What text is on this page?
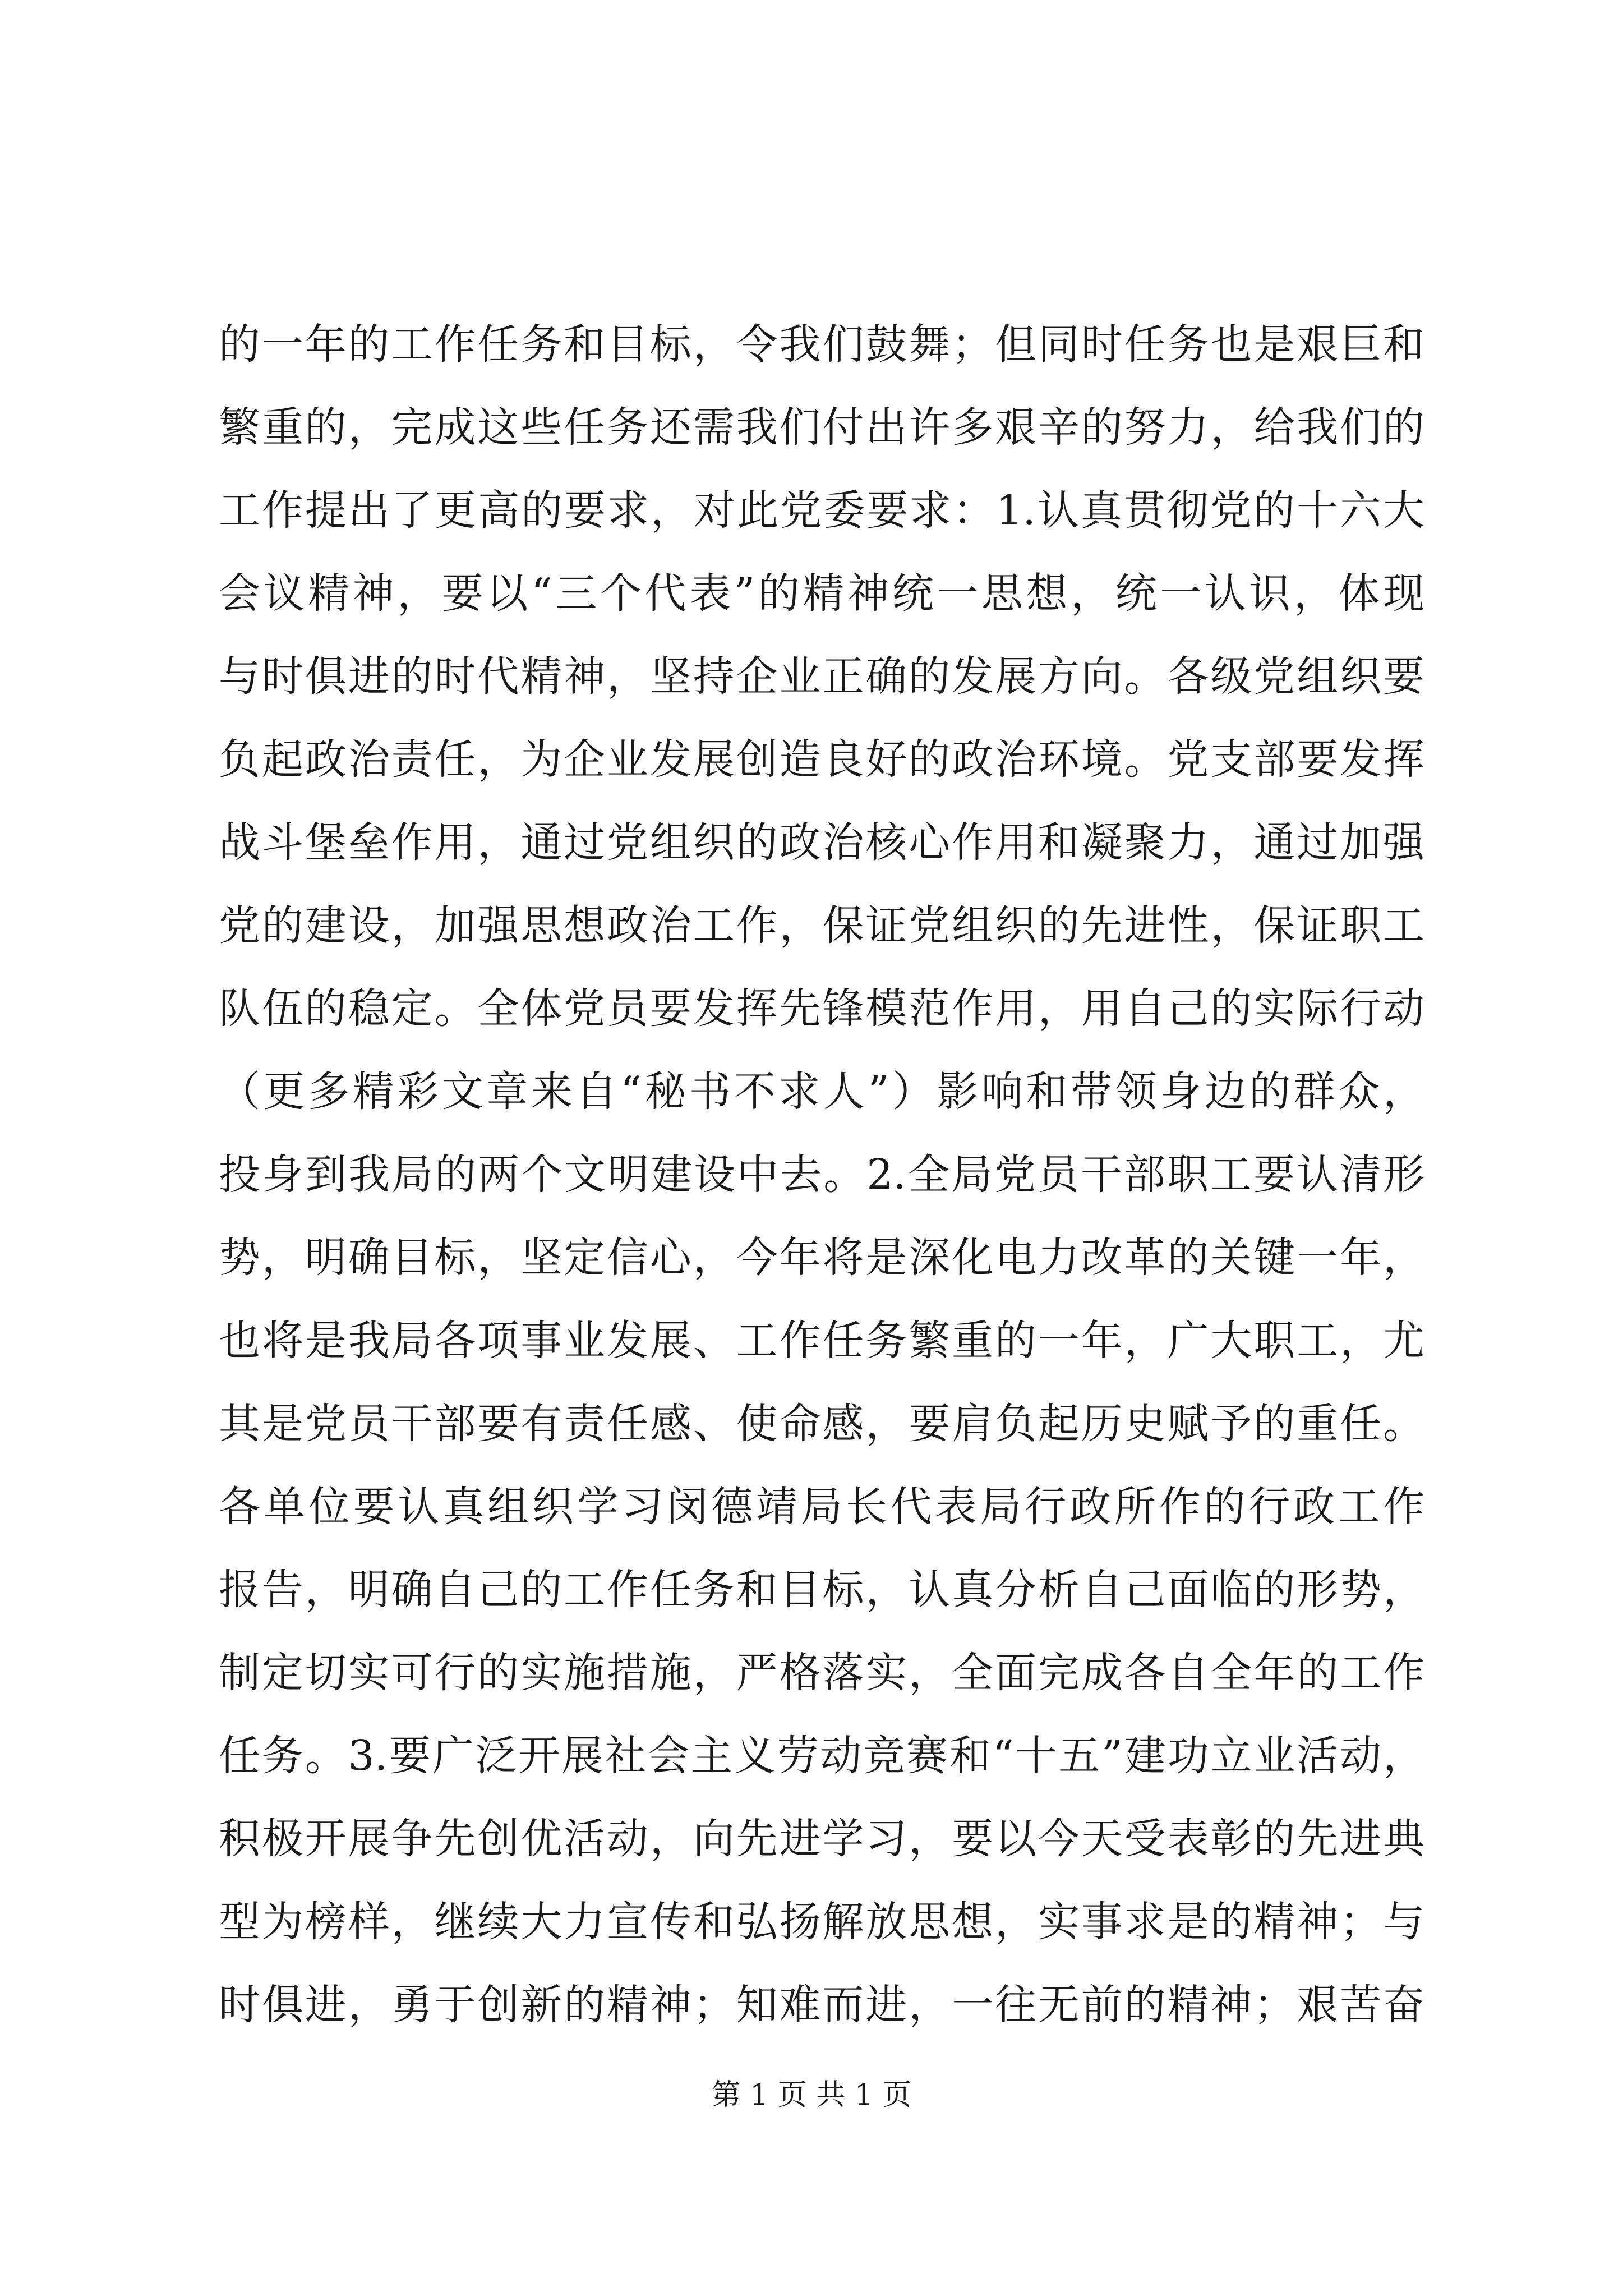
的一年的工作任务和目标，令我们鼓舞；但同时任务也是艰巨和
繁重的，完成这些任务还需我们付出许多艰辛的努力，给我们的
工作提出了更高的要求，对此党委要求：1.认真贯彻党的十六大
会议精神，要以“三个代表”的精神统一思想，统一认识，体现
与时俱进的时代精神，坚持企业正确的发展方向。各级党组织要
负起政治责任，为企业发展创造良好的政治环境。党支部要发挥
战斗堡垒作用，通过党组织的政治核心作用和凝聚力，通过加强
党的建设，加强思想政治工作，保证党组织的先进性，保证职工
队伍的稳定。全体党员要发挥先锋模范作用，用自己的实际行动
（更多精彩文章来自“秘书不求人”）影响和带领身边的群众，
投身到我局的两个文明建设中去。2.全局党员干部职工要认清形
势，明确目标，坚定信心，今年将是深化电力改革的关键一年，
也将是我局各项事业发展、工作任务繁重的一年，广大职工，尤
其是党员干部要有责任感、使命感，要肩负起历史赋予的重任。
各单位要认真组织学习闵德靖局长代表局行政所作的行政工作
报告，明确自己的工作任务和目标，认真分析自己面临的形势，
制定切实可行的实施措施，严格落实，全面完成各自全年的工作
任务。3.要广泛开展社会主义劳动竞赛和“十五”建功立业活动，
积极开展争先创优活动，向先进学习，要以今天受表彰的先进典
型为榜样，继续大力宣传和弘扬解放思想，实事求是的精神；与
时俱进，勇于创新的精神；知难而进，一往无前的精神；艰苦奋
第 1 页 共 1 页
